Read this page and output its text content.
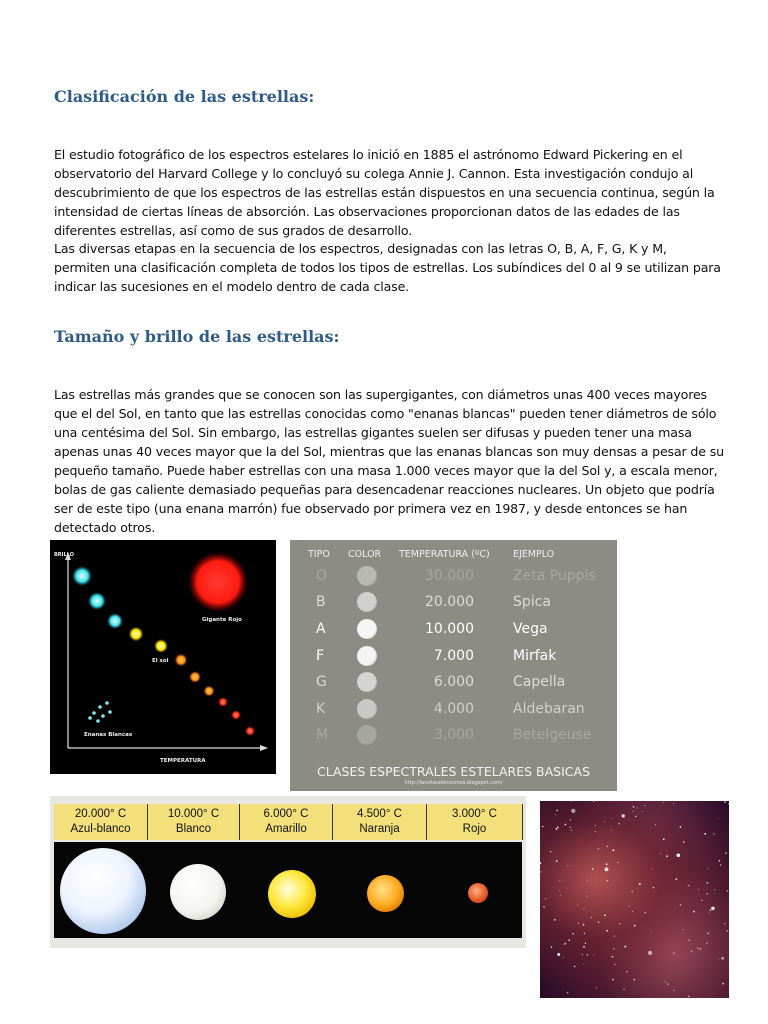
Clasificación de las estrellas:

El estudio fotográfico de los espectros estelares lo inició en 1885 el astrónomo Edward Pickering en el observatorio del Harvard College y lo concluyó su colega Annie J. Cannon. Esta investigación condujo al descubrimiento de que los espectros de las estrellas están dispuestos en una secuencia continua, según la intensidad de ciertas líneas de absorción. Las observaciones proporcionan datos de las edades de las diferentes estrellas, así como de sus grados de desarrollo.

Las diversas etapas en la secuencia de los espectros, designadas con las letras O, B, A, F, G, K y M, permiten una clasificación completa de todos los tipos de estrellas. Los subíndices del 0 al 9 se utilizan para indicar las sucesiones en el modelo dentro de cada clase.

Tamaño y brillo de las estrellas:

Las estrellas más grandes que se conocen son las supergigantes, con diámetros unas 400 veces mayores que el del Sol, en tanto que las estrellas conocidas como "enanas blancas" pueden tener diámetros de sólo una centésima del Sol. Sin embargo, las estrellas gigantes suelen ser difusas y pueden tener una masa apenas unas 40 veces mayor que la del Sol, mientras que las enanas blancas son muy densas a pesar de su pequeño tamaño. Puede haber estrellas con una masa 1.000 veces mayor que la del Sol y, a escala menor, bolas de gas caliente demasiado pequeñas para desencadenar reacciones nucleares. Un objeto que podría ser de este tipo (una enana marrón) fue observado por primera vez en 1987, y desde entonces se han detectado otros.

BRILLO
TEMPERATURA
Gigante Rojo
El sol
Enanas Blancas
TIPO COLOR TEMPERATURA (ºC) EJEMPLO
O	30.000	Zeta Puppis
B	20.000	Spica
A	10.000	Vega
F	7.000	Mirfak
G	6.000	Capella
K	4.000	Aldebaran
M	3.000	Betelgeuse
CLASES ESPECTRALES ESTELARES BASICAS
http://lasvitasdelcosmos.blogspot.com/
20.000° C
Azul-blanco
10.000° C
Blanco
6.000° C
Amarillo
4.500° C
Naranja
3.000° C
Rojo
